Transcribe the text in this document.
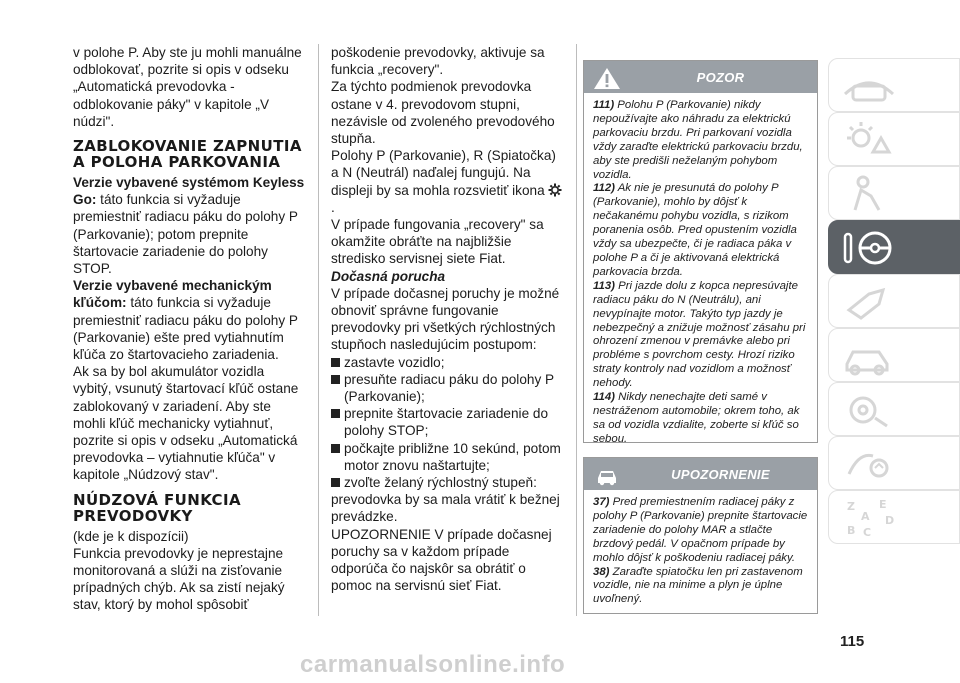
v polohe P. Aby ste ju mohli manuálne odblokovať, pozrite si opis v odseku „Automatická prevodovka - odblokovanie páky" v kapitole „V núdzi".

ZABLOKOVANIE ZAPNUTIA A POLOHA PARKOVANIA

Verzie vybavené systémom Keyless Go: táto funkcia si vyžaduje premiestniť radiacu páku do polohy P (Parkovanie); potom prepnite štartovacie zariadenie do polohy STOP.

Verzie vybavené mechanickým kľúčom: táto funkcia si vyžaduje premiestniť radiacu páku do polohy P (Parkovanie) ešte pred vytiahnutím kľúča zo štartovacieho zariadenia.

Ak sa by bol akumulátor vozidla vybitý, vsunutý štartovací kľúč ostane zablokovaný v zariadení. Aby ste mohli kľúč mechanicky vytiahnuť, pozrite si opis v odseku „Automatická prevodovka – vytiahnutie kľúča" v kapitole „Núdzový stav".

NÚDZOVÁ FUNKCIA PREVODOVKY

(kde je k dispozícii)

Funkcia prevodovky je neprestajne monitorovaná a slúži na zisťovanie prípadných chýb. Ak sa zistí nejaký stav, ktorý by mohol spôsobiť

poškodenie prevodovky, aktivuje sa funkcia „recovery".

Za týchto podmienok prevodovka ostane v 4. prevodovom stupni, nezávisle od zvoleného prevodového stupňa.

Polohy P (Parkovanie), R (Spiatočka) a N (Neutrál) naďalej fungujú. Na displeji by sa mohla rozsvietiť ikona .

V prípade fungovania „recovery" sa okamžite obráťte na najbližšie stredisko servisnej siete Fiat.

Dočasná porucha

V prípade dočasnej poruchy je možné obnoviť správne fungovanie prevodovky pri všetkých rýchlostných stupňoch nasledujúcim postupom:

zastavte vozidlo;
presuňte radiacu páku do polohy P (Parkovanie);
prepnite štartovacie zariadenie do polohy STOP;
počkajte približne 10 sekúnd, potom motor znovu naštartujte;
zvoľte želaný rýchlostný stupeň:

prevodovka by sa mala vrátiť k bežnej prevádzke.

UPOZORNENIE V prípade dočasnej poruchy sa v každom prípade odporúča čo najskôr sa obrátiť o pomoc na servisnú sieť Fiat.

POZOR

111) Polohu P (Parkovanie) nikdy nepoužívajte ako náhradu za elektrickú parkovaciu brzdu. Pri parkovaní vozidla vždy zaraďte elektrickú parkovaciu brzdu, aby ste predišli neželaným pohybom vozidla.

112) Ak nie je presunutá do polohy P (Parkovanie), mohlo by dôjsť k nečakanému pohybu vozidla, s rizikom poranenia osôb. Pred opustením vozidla vždy sa ubezpečte, či je radiaca páka v polohe P a či je aktivovaná elektrická parkovacia brzda.

113) Pri jazde dolu z kopca nepresúvajte radiacu páku do N (Neutrálu), ani nevypínajte motor. Takýto typ jazdy je nebezpečný a znižuje možnosť zásahu pri ohrození zmenou v premávke alebo pri probléme s povrchom cesty. Hrozí riziko straty kontroly nad vozidlom a možnosť nehody.

114) Nikdy nenechajte deti samé v nestráženom automobile; okrem toho, ak sa od vozidla vzdialite, zoberte si kľúč so sebou.

UPOZORNENIE

37) Pred premiestnením radiacej páky z polohy P (Parkovanie) prepnite štartovacie zariadenie do polohy MAR a stlačte brzdový pedál. V opačnom prípade by mohlo dôjsť k poškodeniu radiacej páky.

38) Zaraďte spiatočku len pri zastavenom vozidle, nie na minime a plyn je úplne uvoľnený.

Z E
A D
B C
115
carmanualsonline.info
